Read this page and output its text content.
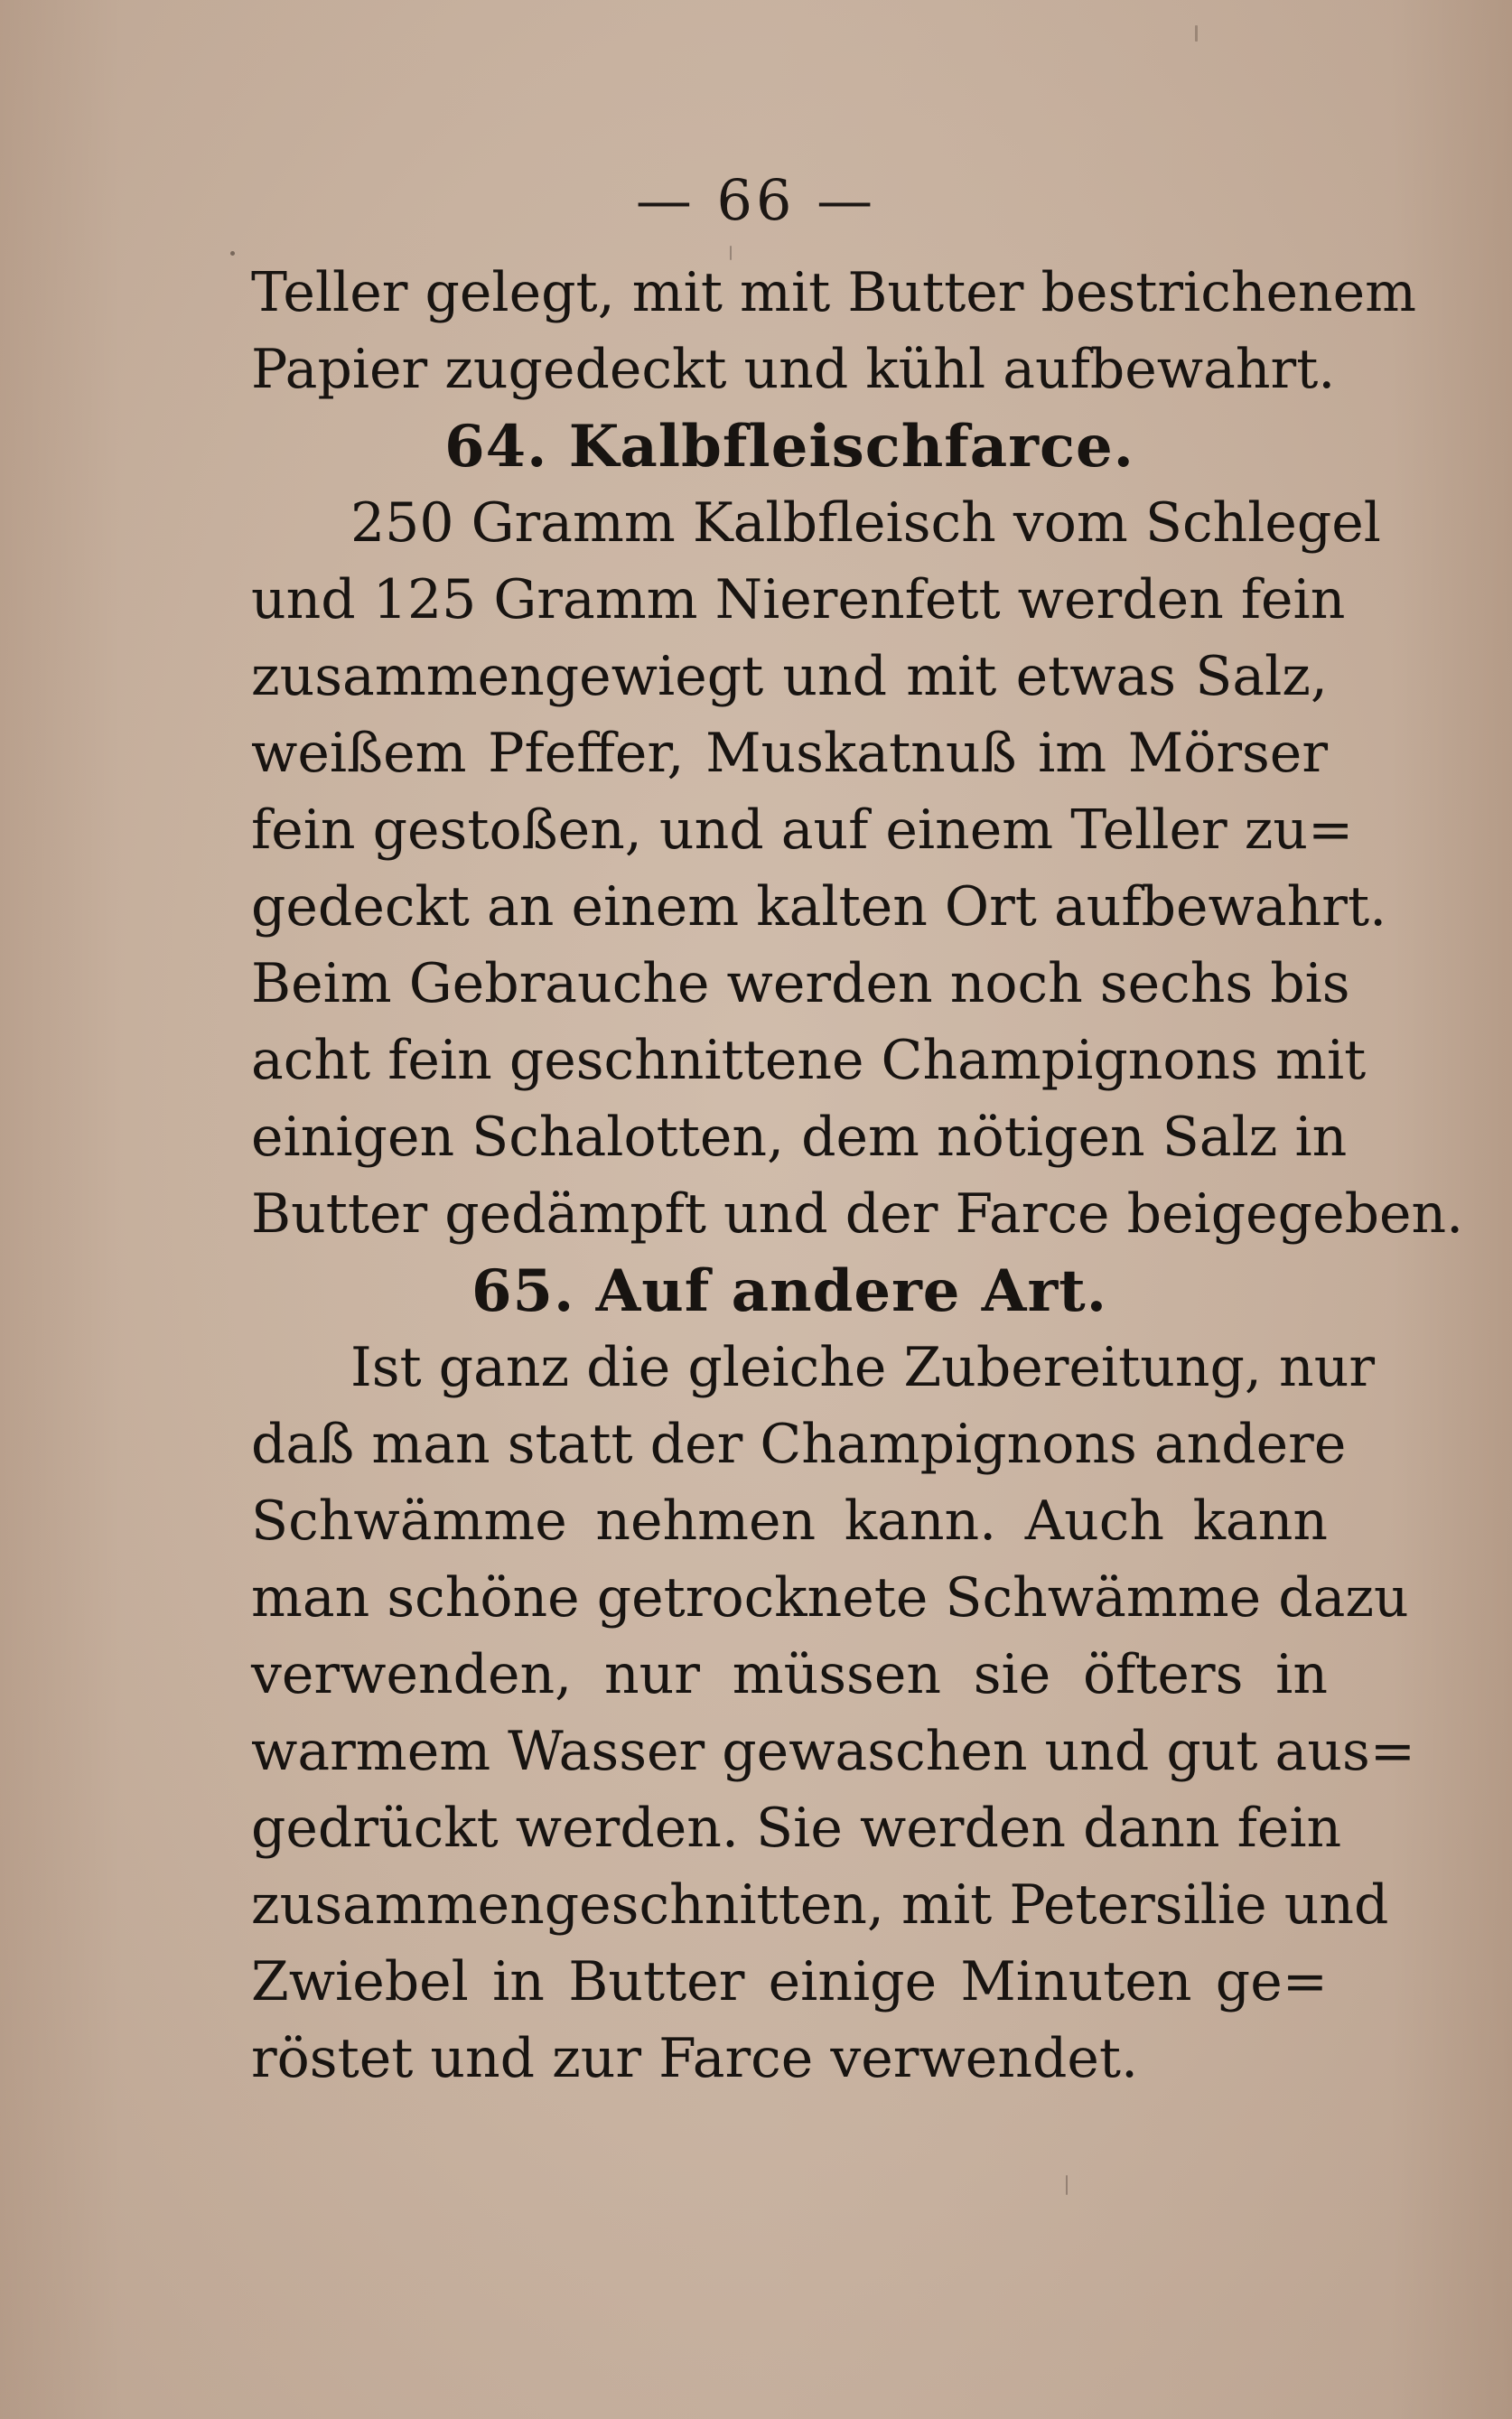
— 66 —
Teller gelegt, mit mit Butter bestrichenem
Papier zugedeckt und kühl aufbewahrt.
64. Kalbfleischfarce.
250 Gramm Kalbfleisch vom Schlegel
und 125 Gramm Nierenfett werden fein
zusammengewiegt und mit etwas Salz,
weißem Pfeffer, Muskatnuß im Mörser
fein gestoßen, und auf einem Teller zu=
gedeckt an einem kalten Ort aufbewahrt.
Beim Gebrauche werden noch sechs bis
acht fein geschnittene Champignons mit
einigen Schalotten, dem nötigen Salz in
Butter gedämpft und der Farce beigegeben.
65. Auf andere Art.
Ist ganz die gleiche Zubereitung, nur
daß man statt der Champignons andere
Schwämme nehmen kann. Auch kann
man schöne getrocknete Schwämme dazu
verwenden, nur müssen sie öfters in
warmem Wasser gewaschen und gut aus=
gedrückt werden. Sie werden dann fein
zusammengeschnitten, mit Petersilie und
Zwiebel in Butter einige Minuten ge=
röstet und zur Farce verwendet.
